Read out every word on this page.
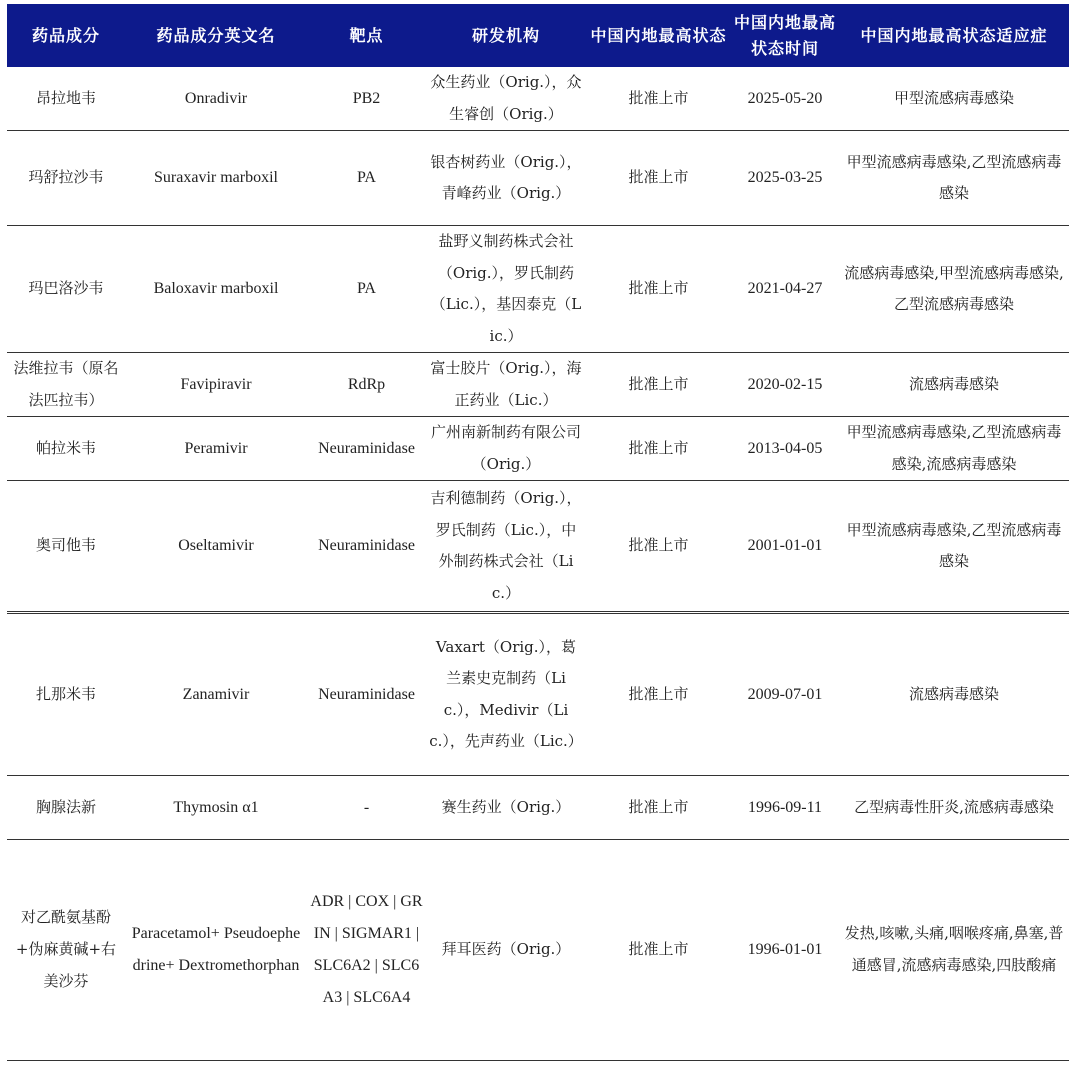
药品成分	药品成分英文名	靶点	研发机构	中国内地最高状态	中国内地最高状态时间	中国内地最高状态适应症
昂拉地韦	Onradivir	PB2	众生药业（Orig.），众生睿创（Orig.）	批准上市	2025-05-20	甲型流感病毒感染
玛舒拉沙韦	Suraxavir marboxil	PA	银杏树药业（Orig.），青峰药业（Orig.）	批准上市	2025-03-25	甲型流感病毒感染,乙型流感病毒感染
玛巴洛沙韦	Baloxavir marboxil	PA	盐野义制药株式会社（Orig.），罗氏制药（Lic.），基因泰克（Lic.）	批准上市	2021-04-27	流感病毒感染,甲型流感病毒感染,乙型流感病毒感染
法维拉韦（原名法匹拉韦）	Favipiravir	RdRp	富士胶片（Orig.），海正药业（Lic.）	批准上市	2020-02-15	流感病毒感染
帕拉米韦	Peramivir	Neuraminidase	广州南新制药有限公司（Orig.）	批准上市	2013-04-05	甲型流感病毒感染,乙型流感病毒感染,流感病毒感染
奥司他韦	Oseltamivir	Neuraminidase	吉利德制药（Orig.），罗氏制药（Lic.），中外制药株式会社（Lic.）	批准上市	2001-01-01	甲型流感病毒感染,乙型流感病毒感染
扎那米韦	Zanamivir	Neuraminidase	Vaxart（Orig.），葛兰素史克制药（Lic.），Medivir（Lic.），先声药业（Lic.）	批准上市	2009-07-01	流感病毒感染
胸腺法新	Thymosin α1	-	赛生药业（Orig.）	批准上市	1996-09-11	乙型病毒性肝炎,流感病毒感染
对乙酰氨基酚+伪麻黄碱+右美沙芬	Paracetamol+ Pseudoephedrine+ Dextromethorphan	ADR | COX | GRIN | SIGMAR1 | SLC6A2 | SLC6A3 | SLC6A4	拜耳医药（Orig.）	批准上市	1996-01-01	发热,咳嗽,头痛,咽喉疼痛,鼻塞,普通感冒,流感病毒感染,四肢酸痛
